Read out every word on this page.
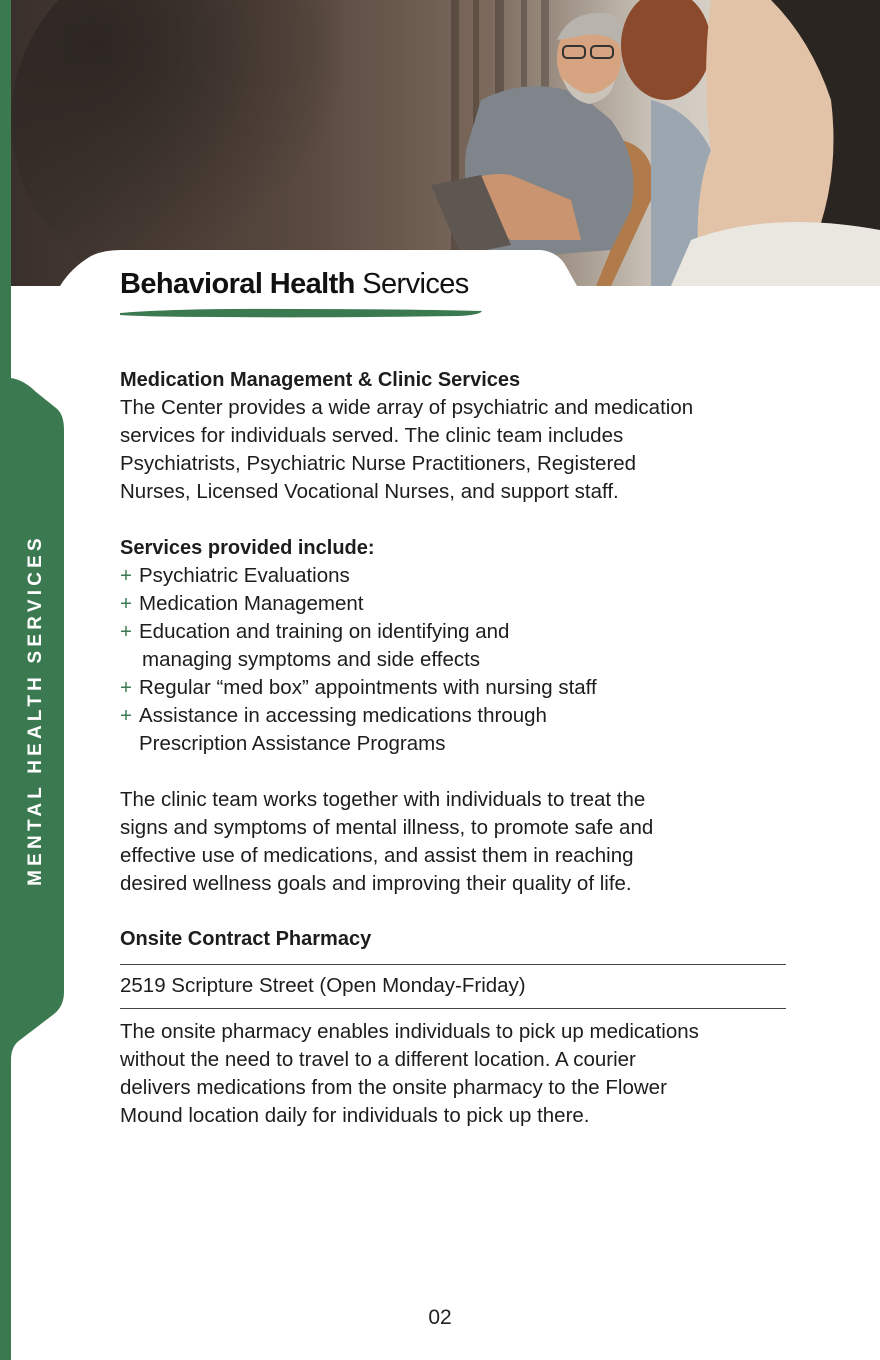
MENTAL HEALTH SERVICES
Behavioral Health Services
Medication Management & Clinic Services

The Center provides a wide array of psychiatric and medication
services for individuals served. The clinic team includes
Psychiatrists, Psychiatric Nurse Practitioners, Registered
Nurses, Licensed Vocational Nurses, and support staff.

Services provided include:
+ Psychiatric Evaluations
+ Medication Management
+ Education and training on identifying and
managing symptoms and side effects
+ Regular “med box” appointments with nursing staff
+ Assistance in accessing medications through
Prescription Assistance Programs

The clinic team works together with individuals to treat the
signs and symptoms of mental illness, to promote safe and
effective use of medications, and assist them in reaching
desired wellness goals and improving their quality of life.

Onsite Contract Pharmacy
2519 Scripture Street (Open Monday-Friday)

The onsite pharmacy enables individuals to pick up medications
without the need to travel to a different location. A courier
delivers medications from the onsite pharmacy to the Flower
Mound location daily for individuals to pick up there.

02
